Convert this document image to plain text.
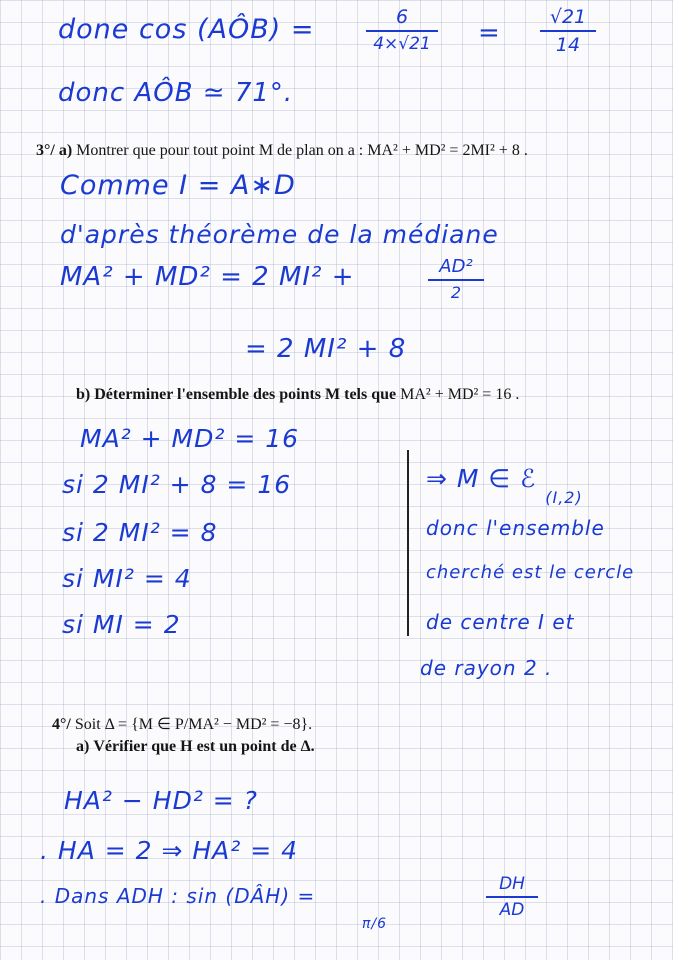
done cos (AÔB) =	6
4×√21 =
√21
14
donc AÔB ≃ 71°.
3°/ a) Montrer que pour tout point M de plan on a : MA² + MD² = 2MI² + 8 .
Comme I = A∗D
d'après théorème de la médiane
MA² + MD² = 2 MI² +	AD²
2
= 2 MI² + 8
b) Déterminer l'ensemble des points M tels que MA² + MD² = 16 .
MA² + MD² = 16
si 2 MI² + 8 = 16
si 2 MI² = 8
si MI² = 4
si MI = 2
⇒ M ∈ ℰ $_{(I,2)}$
donc l'ensemble
cherché est le cercle
de centre I et
de rayon 2 .
4°/ Soit Δ = {M ∈ P/MA² − MD² = −8}.
a) Vérifier que H est un point de Δ.
HA² − HD² = ?
. HA = 2 ⇒ HA² = 4
. Dans ADH : sin (DÂH) =
π/6
DH
AD
